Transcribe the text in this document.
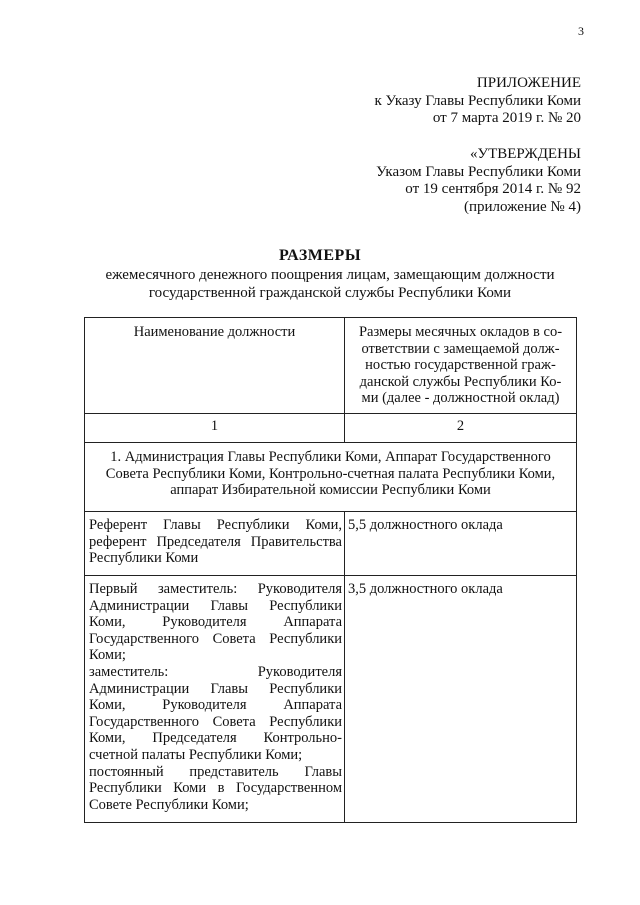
3
ПРИЛОЖЕНИЕ
к Указу Главы Республики Коми
от 7 марта 2019 г. № 20
«УТВЕРЖДЕНЫ
Указом Главы Республики Коми
от 19 сентября 2014 г. № 92
(приложение № 4)
РАЗМЕРЫ
ежемесячного денежного поощрения лицам, замещающим должности
государственной гражданской службы Республики Коми
Наименование должности	Размеры месячных окладов в со-ответствии с замещаемой долж-ностью государственной граж-данской службы Республики Ко-ми (далее - должностной оклад)
1	2
1. Администрация Главы Республики Коми, Аппарат Государственного Совета Республики Коми, Контрольно-счетная палата Республики Коми, аппарат Избирательной комиссии Республики Коми	
Референт Главы Республики Коми, референт Председателя Правительства Республики Коми	5,5 должностного оклада

Первый заместитель: Руководителя Администрации Главы Республики Коми, Руководителя Аппарата Государственного Совета Республики Коми;
заместитель: Руководителя Администрации Главы Республики Коми, Руководителя Аппарата Государственного Совета Республики Коми, Председателя Контрольно-счетной палаты Республики Коми;
постоянный представитель Главы Республики Коми в Государственном Совете Республики Коми;	3,5 должностного оклада
